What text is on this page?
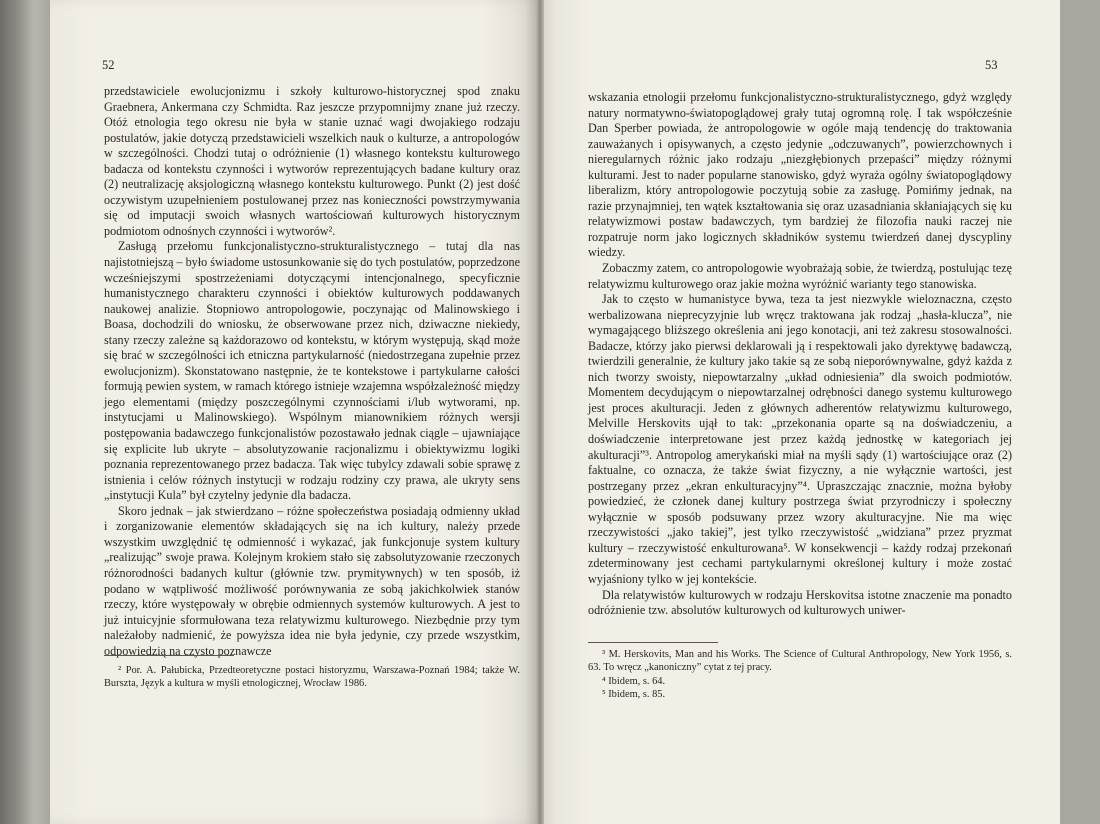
52

przedstawiciele ewolucjonizmu i szkoły kulturowo-historycznej spod znaku Graebnera, Ankermana czy Schmidta. Raz jeszcze przypomnijmy znane już rzeczy. Otóż etnologia tego okresu nie była w stanie uznać wagi dwojakiego rodzaju postulatów, jakie dotyczą przedstawicieli wszelkich nauk o kulturze, a antropologów w szczególności. Chodzi tutaj o odróżnienie (1) własnego kontekstu kulturowego badacza od kontekstu czynności i wytworów reprezentujących badane kultury oraz (2) neutralizację aksjologiczną własnego kontekstu kulturowego. Punkt (2) jest dość oczywistym uzupełnieniem postulowanej przez nas konieczności powstrzymywania się od imputacji swoich własnych wartościowań kulturowych historycznym podmiotom odnośnych czynności i wytworów².

Zasługą przełomu funkcjonalistyczno-strukturalistycznego – tutaj dla nas najistotniejszą – było świadome ustosunkowanie się do tych postulatów, poprzedzone wcześniejszymi spostrzeżeniami dotyczącymi intencjonalnego, specyficznie humanistycznego charakteru czynności i obiektów kulturowych poddawanych naukowej analizie. Stopniowo antropologowie, poczynając od Malinowskiego i Boasa, dochodzili do wniosku, że obserwowane przez nich, dziwaczne niekiedy, stany rzeczy zależne są każdorazowo od kontekstu, w którym występują, skąd może się brać w szczególności ich etniczna partykularność (niedostrzegana zupełnie przez ewolucjonizm). Skonstatowano następnie, że te kontekstowe i partykularne całości formują pewien system, w ramach którego istnieje wzajemna współzależność między jego elementami (między poszczególnymi czynnościami i/lub wytworami, np. instytucjami u Malinowskiego). Wspólnym mianownikiem różnych wersji postępowania badawczego funkcjonalistów pozostawało jednak ciągle – ujawniające się explicite lub ukryte – absolutyzowanie racjonalizmu i obiektywizmu logiki poznania reprezentowanego przez badacza. Tak więc tubylcy zdawali sobie sprawę z istnienia i celów różnych instytucji w rodzaju rodziny czy prawa, ale ukryty sens „instytucji Kula” był czytelny jedynie dla badacza.

Skoro jednak – jak stwierdzano – różne społeczeństwa posiadają odmienny układ i zorganizowanie elementów składających się na ich kultury, należy przede wszystkim uwzględnić tę odmienność i wykazać, jak funkcjonuje system kultury „realizując” swoje prawa. Kolejnym krokiem stało się zabsolutyzowanie rzeczonych różnorodności badanych kultur (głównie tzw. prymitywnych) w ten sposób, iż podano w wątpliwość możliwość porównywania ze sobą jakichkolwiek stanów rzeczy, które występowały w obrębie odmiennych systemów kulturowych. A jest to już intuicyjnie sformułowana teza relatywizmu kulturowego. Niezbędnie przy tym należałoby nadmienić, że powyższa idea nie była jedynie, czy przede wszystkim, odpowiedzią na czysto poznawcze

² Por. A. Pałubicka, Przedteoretyczne postaci historyzmu, Warszawa-Poznań 1984; także W. Burszta, Język a kultura w myśli etnologicznej, Wrocław 1986.

53

wskazania etnologii przełomu funkcjonalistyczno-strukturalistycznego, gdyż względy natury normatywno-światopoglądowej grały tutaj ogromną rolę. I tak współcześnie Dan Sperber powiada, że antropologowie w ogóle mają tendencję do traktowania zauważanych i opisywanych, a często jedynie „odczuwanych”, powierzchownych i nieregularnych różnic jako rodzaju „niezgłębionych przepaści” między różnymi kulturami. Jest to nader popularne stanowisko, gdyż wyraża ogólny światopoglądowy liberalizm, który antropologowie poczytują sobie za zasługę. Pomińmy jednak, na razie przynajmniej, ten wątek kształtowania się oraz uzasadniania skłaniających się ku relatywizmowi postaw badawczych, tym bardziej że filozofia nauki raczej nie rozpatruje norm jako logicznych składników systemu twierdzeń danej dyscypliny wiedzy.

Zobaczmy zatem, co antropologowie wyobrażają sobie, że twierdzą, postulując tezę relatywizmu kulturowego oraz jakie można wyróżnić warianty tego stanowiska.

Jak to często w humanistyce bywa, teza ta jest niezwykle wieloznaczna, często werbalizowana nieprecyzyjnie lub wręcz traktowana jak rodzaj „hasła-klucza”, nie wymagającego bliższego określenia ani jego konotacji, ani też zakresu stosowalności. Badacze, którzy jako pierwsi deklarowali ją i respektowali jako dyrektywę badawczą, twierdzili generalnie, że kultury jako takie są ze sobą nieporównywalne, gdyż każda z nich tworzy swoisty, niepowtarzalny „układ odniesienia” dla swoich podmiotów. Momentem decydującym o niepowtarzalnej odrębności danego systemu kulturowego jest proces akulturacji. Jeden z głównych adherentów relatywizmu kulturowego, Melville Herskovits ujął to tak: „przekonania oparte są na doświadczeniu, a doświadczenie interpretowane jest przez każdą jednostkę w kategoriach jej akulturacji”³. Antropolog amerykański miał na myśli sądy (1) wartościujące oraz (2) faktualne, co oznacza, że także świat fizyczny, a nie wyłącznie wartości, jest postrzegany przez „ekran enkulturacyjny”⁴. Upraszczając znacznie, można byłoby powiedzieć, że członek danej kultury postrzega świat przyrodniczy i społeczny wyłącznie w sposób podsuwany przez wzory akulturacyjne. Nie ma więc rzeczywistości „jako takiej”, jest tylko rzeczywistość „widziana” przez pryzmat kultury – rzeczywistość enkulturowana⁵. W konsekwencji – każdy rodzaj przekonań zdeterminowany jest cechami partykularnymi określonej kultury i może zostać wyjaśniony tylko w jej kontekście.

Dla relatywistów kulturowych w rodzaju Herskovitsa istotne znaczenie ma ponadto odróżnienie tzw. absolutów kulturowych od kulturowych uniwer-

³ M. Herskovits, Man and his Works. The Science of Cultural Anthropology, New York 1956, s. 63. To wręcz „kanoniczny” cytat z tej pracy.

⁴ Ibidem, s. 64.

⁵ Ibidem, s. 85.
